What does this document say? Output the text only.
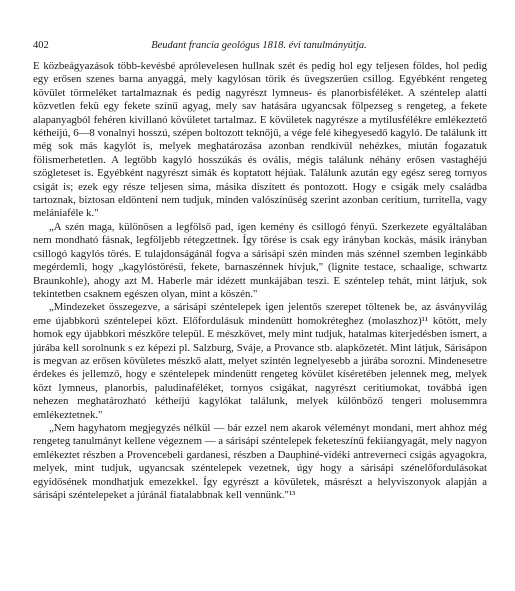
402	Beudant francia geológus 1818. évi tanulmányútja.

E közbeágyazások több-kevésbé aprólevelesen hullnak szét és pedig hol egy teljesen földes, hol pedig egy erősen szenes barna anyaggá, mely kagylósan törik és üvegszerűen csillog. Egyébként rengeteg kövület törmeléket tartalmaznak és pedig nagyrészt lymneus- és planorbisféléket. A széntelep alatti közvetlen fekü egy fekete színű agyag, mely sav hatására ugyancsak fölpezseg s rengeteg, a fekete alapanyagból fehéren kivillanó kövületet tartalmaz. E kövületek nagyrésze a mytilusfélékre emlékeztető kétheíjú, 6—8 vonalnyi hosszú, szépen boltozott teknőjű, a vége felé kihegyesedő kagyló. De találunk itt még sok más kagylót is, melyek meghatározása azonban rendkívül nehézkes, miután fogazatuk fölismerhetetlen. A legtöbb kagyló hosszúkás és ovális, mégis találunk néhány erősen vastaghéjú szögleteset is. Egyébként nagyrészt simák és koptatott héjúak. Találunk azután egy egész sereg tornyos csigát is; ezek egy része teljesen sima, másika díszített és pontozott. Hogy e csigák mely családba tartoznak, biztosan eldönteni nem tudjuk, minden valószínűség szerint azonban cerítium, turritella, vagy melániaféle k."

„A szén maga, különösen a legfölső pad, igen kemény és csillogó fényű. Szerkezete egyáltalában nem mondható fásnak, legföljebb rétegzettnek. Így törése is csak egy irányban kockás, másik irányban csillogó kagylós törés. E tulajdonságánál fogva a sárisápi szén minden más szénnel szemben leginkább megérdemli, hogy „kagylóstörésű, fekete, barnaszénnek hívjuk," (lignite testace, schaalige, schwartz Braunkohle), ahogy azt M. Haberle már idézett munkájában teszi. E széntelep tehát, mint látjuk, sok tekintetben csaknem egészen olyan, mint a köszén."

„Mindezeket összegezve, a sárisápi széntelepek igen jelentős szerepet töltenek be, az ásványvilág eme újabbkorú széntelepei közt. Előfordulásuk mindenütt homokréteghez (molaszhoz)¹¹ kötött, mely homok egy újabbkori mészkőre települ. E mészkövet, mely mint tudjuk, hatalmas kiterjedésben ismert, a júrába kell sorolnunk s ez képezi pl. Salzburg, Sváje, a Provance stb. alapkőzetét. Mint látjuk, Sárisápon is megvan az erősen kövületes mészkő alatt, melyet szintén legnelyesebb a júrába sorozni. Mindenesetre érdekes és jellemző, hogy e széntelepek mindenütt rengeteg kövület kíséretében jelennek meg, melyek közt lymneus, planorbis, paludinaféléket, tornyos csigákat, nagyrészt ceritiumokat, továbbá igen nehezen meghatározható kétheíjú kagylókat találunk, melyek különböző tengeri molusemmra emlékeztetnek."

„Nem hagyhatom megjegyzés nélkül — bár ezzel nem akarok véleményt mondani, mert ahhoz még rengeteg tanulmányt kellene végeznem — a sárisápi széntelepek feketeszínű fekiiangyagát, mely nagyon emlékeztet részben a Provencebeli gardanesi, részben a Dauphiné-vidéki antreverneci csigás agyagokra, melyek, mint tudjuk, ugyancsak széntelepek vezetnek, úgy hogy a sárisápi szénelőfordulásokat egyidősének mondhatjuk emezekkel. Így egyrészt a kövületek, másrészt a helyviszonyok alapján a sárisápi széntelepeket a júránál fiatalabbnak kell vennünk."¹³
